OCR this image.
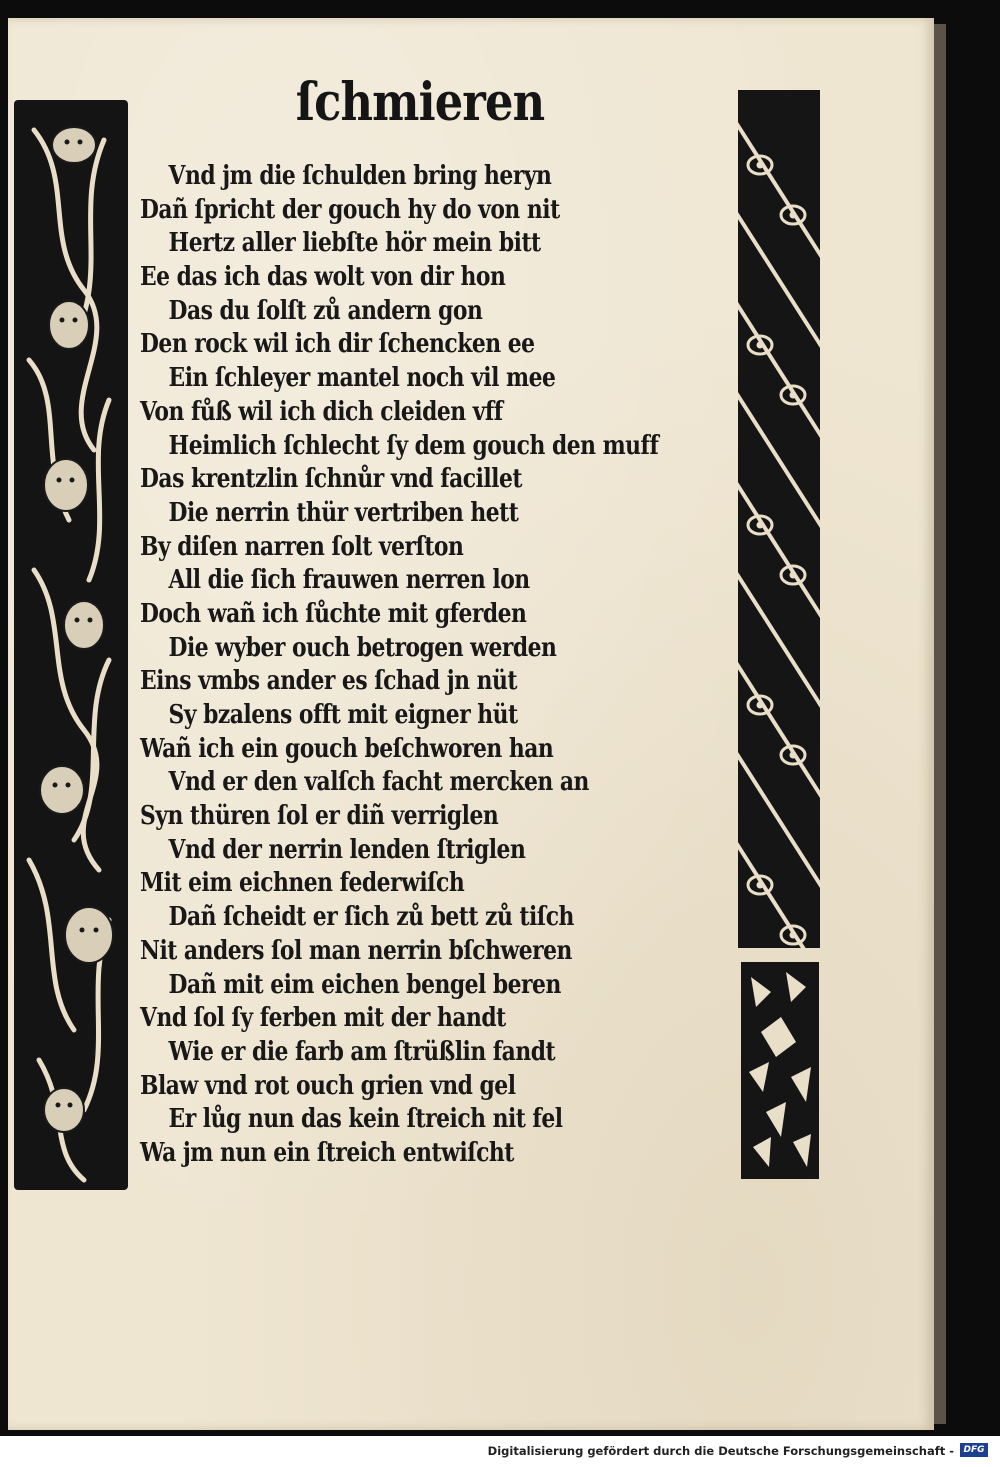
ſchmieren
Vnd jm die ſchulden bring heryn
Dañ ſpricht der gouch hy do von nit
Hertz aller liebſte hör mein bitt
Ee das ich das wolt von dir hon
Das du ſolſt zů andern gon
Den rock wil ich dir ſchencken ee
Ein ſchleyer mantel noch vil mee
Von fůß wil ich dich cleiden vff
Heimlich ſchlecht ſy dem gouch den muff
Das krentzlin ſchnůr vnd facillet
Die nerrin thür vertriben hett
By diſen narren ſolt verſton
All die ſich frauwen nerren lon
Doch wañ ich ſůchte mit gferden
Die wyber ouch betrogen werden
Eins vmbs ander es ſchad jn nüt
Sy bzalens offt mit eigner hüt
Wañ ich ein gouch beſchworen han
Vnd er den valſch facht mercken an
Syn thüren ſol er diñ verriglen
Vnd der nerrin lenden ſtriglen
Mit eim eichnen federwiſch
Dañ ſcheidt er ſich zů bett zů tiſch
Nit anders ſol man nerrin bſchweren
Dañ mit eim eichen bengel beren
Vnd ſol ſy ferben mit der handt
Wie er die farb am ſtrüßlin fandt
Blaw vnd rot ouch grien vnd gel
Er lůg nun das kein ſtreich nit fel
Wa jm nun ein ſtreich entwiſcht
Digitalisierung gefördert durch die Deutsche Forschungsgemeinschaft -	DFG
